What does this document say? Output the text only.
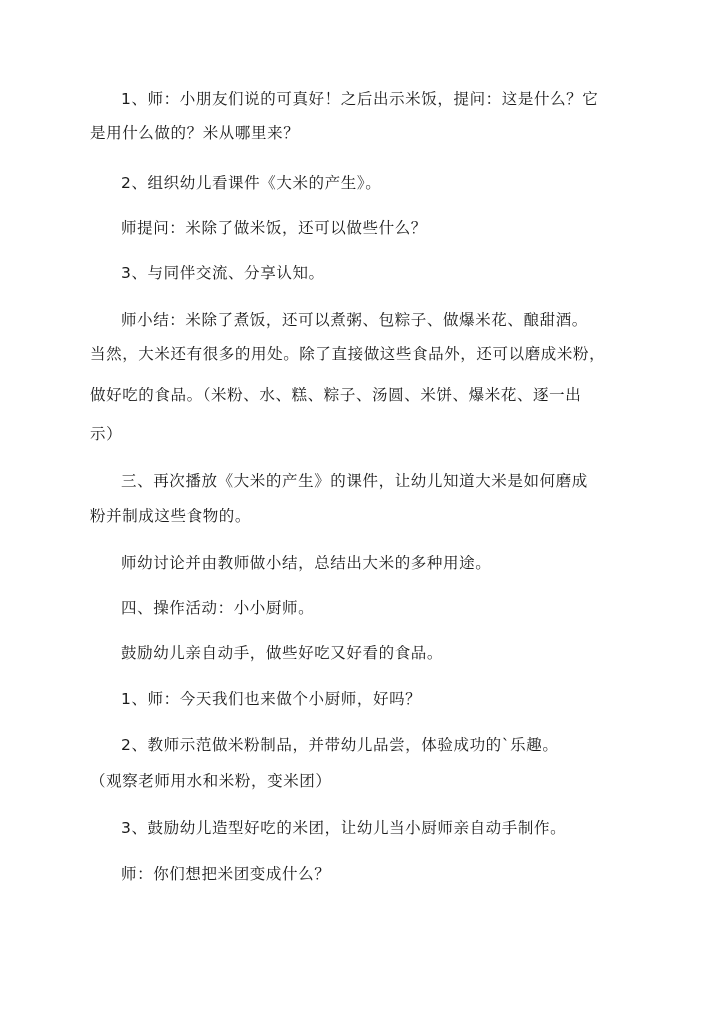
1、师：小朋友们说的可真好！之后出示米饭，提问：这是什么？它
是用什么做的？米从哪里来？
2、组织幼儿看课件《大米的产生》。
师提问：米除了做米饭，还可以做些什么？
3、与同伴交流、分享认知。
师小结：米除了煮饭，还可以煮粥、包粽子、做爆米花、酿甜酒。
当然，大米还有很多的用处。除了直接做这些食品外，还可以磨成米粉，
做好吃的食品。（米粉、水、糕、粽子、汤圆、米饼、爆米花、逐一出
示）
三、再次播放《大米的产生》的课件，让幼儿知道大米是如何磨成
粉并制成这些食物的。
师幼讨论并由教师做小结，总结出大米的多种用途。
四、操作活动：小小厨师。
鼓励幼儿亲自动手，做些好吃又好看的食品。
1、师：今天我们也来做个小厨师，好吗？
2、教师示范做米粉制品，并带幼儿品尝，体验成功的`乐趣。
（观察老师用水和米粉，变米团）
3、鼓励幼儿造型好吃的米团，让幼儿当小厨师亲自动手制作。
师：你们想把米团变成什么？
